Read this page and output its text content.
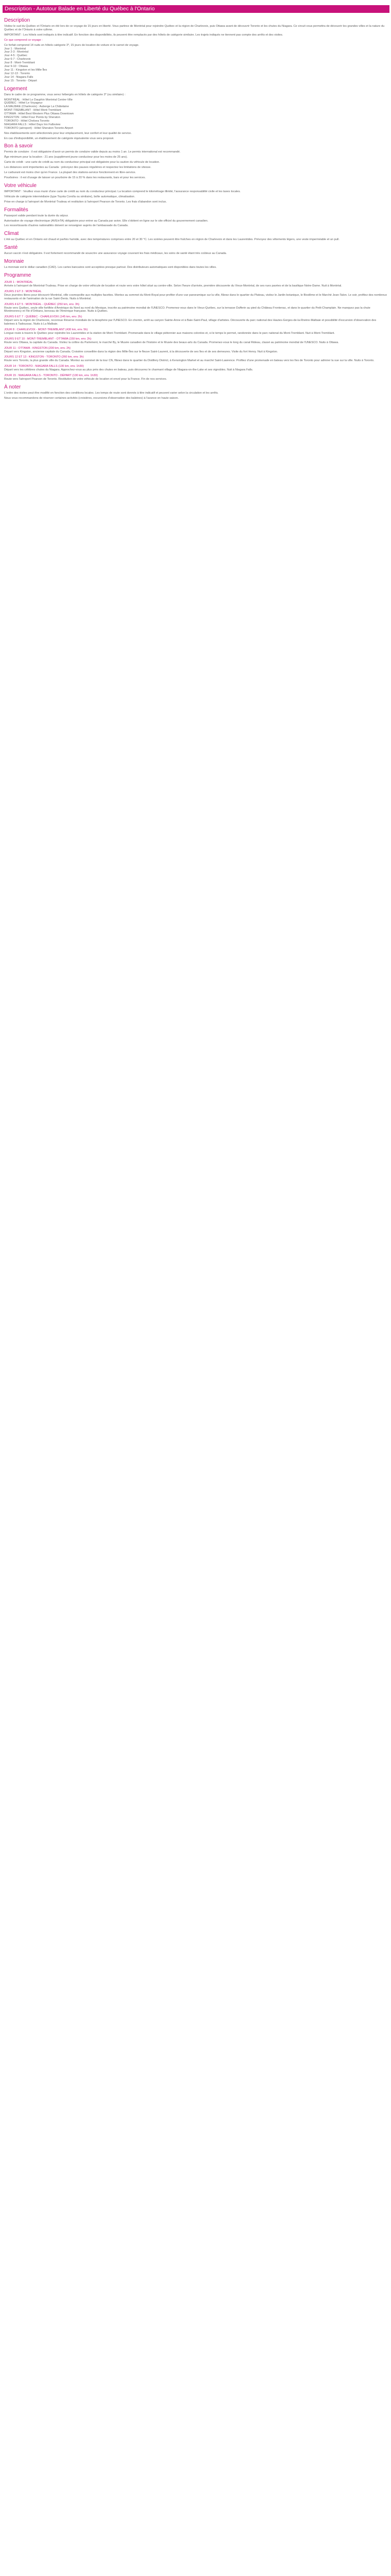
Description - Autotour Balade en Liberté du Québec à l'Ontario
Description

Visitez le sud du Québec et l'Ontario en été lors de ce voyage de 15 jours en liberté. Vous partirez de Montréal pour rejoindre Québec et la région de Charlevoix, puis Ottawa avant de découvrir Toronto et les chutes du Niagara. Ce circuit vous permettra de découvrir les grandes villes et la nature du Québec et de l'Ontario à votre rythme.

IMPORTANT : Les hôtels sont indiqués à titre indicatif. En fonction des disponibilités, ils peuvent être remplacés par des hôtels de catégorie similaire. Les trajets indiqués ne tiennent pas compte des arrêts et des visites.

Ce que comprend ce voyage :

Ce forfait comprend 14 nuits en hôtels catégorie 3*, 15 jours de location de voiture et le carnet de voyage.
Jour 1 : Montréal
Jour 2-3 : Montréal
Jour 4-5 : Québec
Jour 6-7 : Charlevoix
Jour 8 : Mont-Tremblant
Jour 9-10 : Ottawa
Jour 11 : Kingston et les Mille-Îles
Jour 12-13 : Toronto
Jour 14 : Niagara Falls
Jour 15 : Toronto - Départ
Logement

Dans le cadre de ce programme, vous serez hébergés en hôtels de catégorie 3* (ou similaire) :

MONTRÉAL : Hôtel Le Dauphin Montréal Centre-Ville
QUÉBEC : Hôtel Le Voyageur
LA MALBAIE (Charlevoix) : Auberge La Châtelaine
MONT-TREMBLANT : Hôtel Mont-Tremblant
OTTAWA : Hôtel Best Western Plus Ottawa Downtown
KINGSTON : Hôtel Four Points by Sheraton
TORONTO : Hôtel Chelsea Toronto
NIAGARA FALLS : Hôtel Days Inn Fallsview
TORONTO (aéroport) : Hôtel Sheraton Toronto Airport

Nos établissements sont sélectionnés pour leur emplacement, leur confort et leur qualité de service.

En cas d'indisponibilité, un établissement de catégorie équivalente vous sera proposé.

Bon à savoir

Permis de conduire : il est obligatoire d'avoir un permis de conduire valide depuis au moins 1 an. Le permis international est recommandé.

Âge minimum pour la location : 21 ans (supplément jeune conducteur pour les moins de 25 ans).

Carte de crédit : une carte de crédit au nom du conducteur principal est obligatoire pour la caution du véhicule de location.

Les distances sont importantes au Canada : prévoyez des pauses régulières et respectez les limitations de vitesse.

Le carburant est moins cher qu'en France. La plupart des stations-service fonctionnent en libre-service.

Pourboires : il est d'usage de laisser un pourboire de 15 à 20 % dans les restaurants, bars et pour les services.

Votre véhicule

IMPORTANT : Veuillez vous munir d'une carte de crédit au nom du conducteur principal. La location comprend le kilométrage illimité, l'assurance responsabilité civile et les taxes locales.

Véhicule de catégorie intermédiaire (type Toyota Corolla ou similaire), boîte automatique, climatisation.

Prise en charge à l'aéroport de Montréal-Trudeau et restitution à l'aéroport Pearson de Toronto. Les frais d'abandon sont inclus.

Formalités

Passeport valide pendant toute la durée du séjour.

Autorisation de voyage électronique (AVE/eTA) obligatoire pour entrer au Canada par avion. Elle s'obtient en ligne sur le site officiel du gouvernement canadien.

Les ressortissants d'autres nationalités doivent se renseigner auprès de l'ambassade du Canada.

Climat

L'été au Québec et en Ontario est chaud et parfois humide, avec des températures comprises entre 20 et 30 °C. Les soirées peuvent être fraîches en région de Charlevoix et dans les Laurentides. Prévoyez des vêtements légers, une veste imperméable et un pull.

Santé

Aucun vaccin n'est obligatoire. Il est fortement recommandé de souscrire une assurance voyage couvrant les frais médicaux, les soins de santé étant très coûteux au Canada.

Monnaie

La monnaie est le dollar canadien (CAD). Les cartes bancaires sont acceptées presque partout. Des distributeurs automatiques sont disponibles dans toutes les villes.

Programme
JOUR 1 : MONTRÉAL

Arrivée à l'aéroport de Montréal-Trudeau. Prise en charge de votre véhicule de location et route vers votre hôtel situé au centre-ville. Selon l'heure d'arrivée, première découverte du Vieux-Montréal, de ses rues pavées et de la basilique Notre-Dame. Nuit à Montréal.

JOURS 2 ET 3 : MONTRÉAL

Deux journées libres pour découvrir Montréal, ville cosmopolite aux multiples facettes. Montez au sommet du Mont-Royal pour profiter d'une vue panoramique sur la ville, flânez dans le quartier du Plateau, visitez le Jardin botanique, le Biodôme et le Marché Jean-Talon. Le soir, profitez des nombreux restaurants et de l'animation de la rue Saint-Denis. Nuits à Montréal.

JOURS 4 ET 5 : MONTRÉAL - QUÉBEC (250 km, env. 3h)

Route vers Québec, seule ville fortifiée d'Amérique du Nord au nord du Mexique, inscrite au patrimoine mondial de l'UNESCO. Promenez-vous dans le Vieux-Québec, sur la terrasse Dufferin au pied du Château Frontenac, et dans le quartier du Petit-Champlain. Ne manquez pas la chute Montmorency et l'île d'Orléans, berceau de l'Amérique française. Nuits à Québec.

JOURS 6 ET 7 : QUÉBEC - CHARLEVOIX (145 km, env. 2h)

Départ vers la région de Charlevoix, reconnue Réserve mondiale de la biosphère par l'UNESCO. En chemin, arrêt au canyon Sainte-Anne et à Baie-Saint-Paul, village d'artistes. Découverte du parc national des Hautes-Gorges-de-la-Rivière-Malbaie et possibilité d'excursion d'observation des baleines à Tadoussac. Nuits à La Malbaie.

JOUR 8 : CHARLEVOIX - MONT-TREMBLANT (430 km, env. 5h)

Longue route à travers le Québec pour rejoindre les Laurentides et la station de Mont-Tremblant. Promenade dans le village piétonnier aux maisons colorées et, si le temps le permet, randonnée dans le parc national du Mont-Tremblant. Nuit à Mont-Tremblant.

JOURS 9 ET 10 : MONT-TREMBLANT - OTTAWA (150 km, env. 2h)

Route vers Ottawa, la capitale du Canada. Visitez la colline du Parlement, le marché By, le Musée canadien de l'histoire et le Musée des beaux-arts du Canada. Promenez-vous le long du canal Rideau, classé au patrimoine mondial de l'UNESCO. Nuits à Ottawa.

JOUR 11 : OTTAWA - KINGSTON (200 km, env. 2h)

Départ vers Kingston, ancienne capitale du Canada. Croisière conseillée dans la région des Mille-Îles sur le fleuve Saint-Laurent, à la découverte de ses îles et de ses demeures. Visite du fort Henry. Nuit à Kingston.

JOURS 12 ET 13 : KINGSTON - TORONTO (260 km, env. 3h)

Route vers Toronto, la plus grande ville du Canada. Montez au sommet de la tour CN, flânez dans le quartier du Distillery District, à Kensington Market et au marché Saint-Lawrence. Profitez d'une promenade en bateau vers les îles de Toronto pour admirer la vue sur la ville. Nuits à Toronto.

JOUR 14 : TORONTO - NIAGARA FALLS (130 km, env. 1h30)

Départ vers les célèbres chutes du Niagara. Approchez-vous au plus près des chutes en bateau, puis découvrez le charmant village de Niagara-on-the-Lake et ses vignobles. Nuit à Niagara Falls.

JOUR 15 : NIAGARA FALLS - TORONTO - DÉPART (130 km, env. 1h30)

Route vers l'aéroport Pearson de Toronto. Restitution de votre véhicule de location et envol pour la France. Fin de nos services.

À noter

L'ordre des visites peut être modifié en fonction des conditions locales. Les temps de route sont donnés à titre indicatif et peuvent varier selon la circulation et les arrêts.

Nous vous recommandons de réserver certaines activités (croisières, excursions d'observation des baleines) à l'avance en haute saison.
